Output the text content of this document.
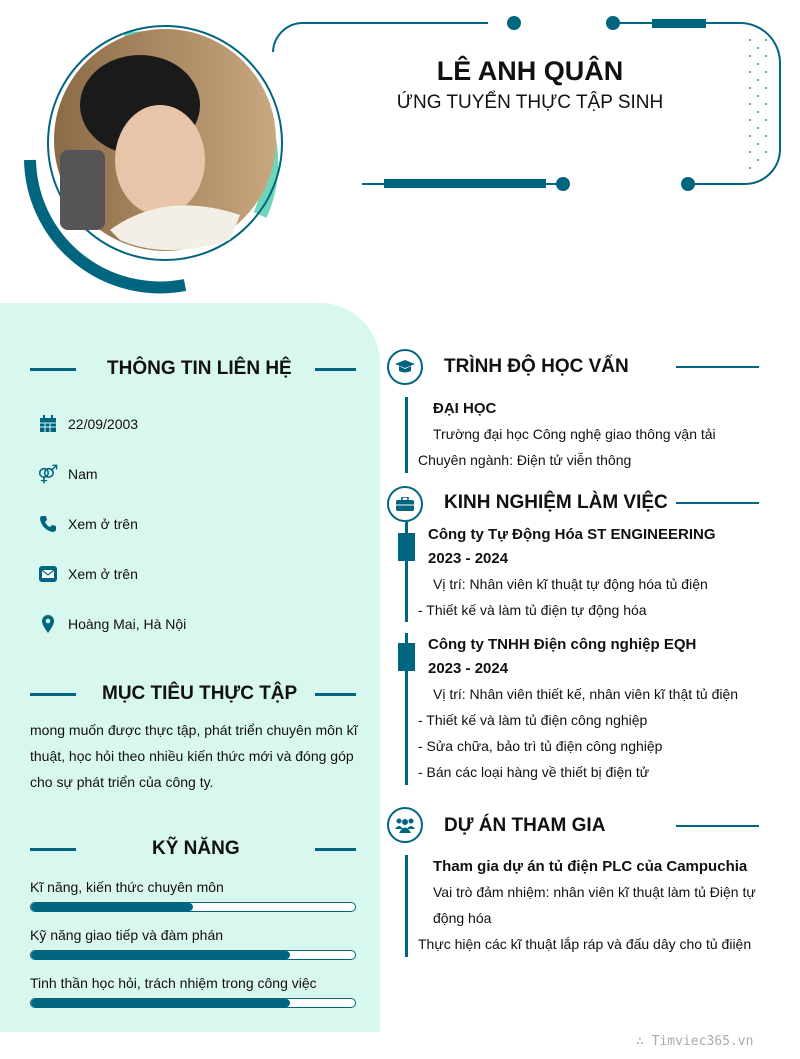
LÊ ANH QUÂN
ỨNG TUYỂN THỰC TẬP SINH
THÔNG TIN LIÊN HỆ
22/09/2003
⚤ Nam
Xem ở trên
Xem ở trên
Hoàng Mai, Hà Nội
MỤC TIÊU THỰC TẬP
mong muốn được thực tập, phát triển chuyên môn kĩ
thuật, học hỏi theo nhiều kiến thức mới và đóng góp
cho sự phát triển của công ty.
KỸ NĂNG
Kĩ năng, kiến thức chuyên môn
Kỹ năng giao tiếp và đàm phán
Tinh thần học hỏi, trách nhiệm trong công việc
TRÌNH ĐỘ HỌC VẤN
ĐẠI HỌC
Trường đại học Công nghệ giao thông vận tải
Chuyên ngành: Điện tử viễn thông
KINH NGHIỆM LÀM VIỆC
Công ty Tự Động Hóa ST ENGINEERING
2023 - 2024
Vị trí: Nhân viên kĩ thuật tự động hóa tủ điện
- Thiết kế và làm tủ điện tự động hóa
Công ty TNHH Điện công nghiệp EQH
2023 - 2024
Vị trí: Nhân viên thiết kế, nhân viên kĩ thật tủ điện
- Thiết kế và làm tủ điện công nghiệp
- Sửa chữa, bảo trì tủ điện công nghiệp
- Bán các loại hàng về thiết bị điện tử
DỰ ÁN THAM GIA
Tham gia dự án tủ điện PLC của Campuchia
Vai trò đảm nhiệm: nhân viên kĩ thuật làm tủ Điện tự
động hóa
Thực hiện các kĩ thuật lắp ráp và đấu dây cho tủ điiện
∴ Timviec365.vn
